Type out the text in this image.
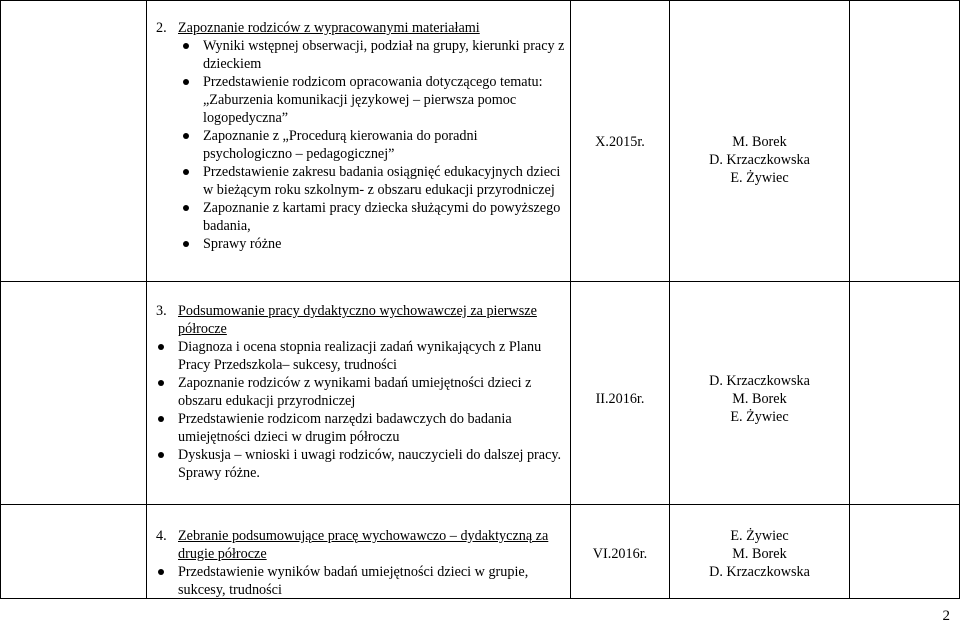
2. Zapoznanie rodziców z wypracowanymi materiałami
Wyniki wstępnej obserwacji, podział na grupy, kierunki pracy z dzieckiem
Przedstawienie rodzicom opracowania dotyczącego tematu: „Zaburzenia komunikacji językowej – pierwsza pomoc logopedyczna”
Zapoznanie z „Procedurą kierowania do poradni psychologiczno – pedagogicznej”
Przedstawienie zakresu badania osiągnięć edukacyjnych dzieci w bieżącym roku szkolnym- z obszaru edukacji przyrodniczej
Zapoznanie z kartami pracy dziecka służącymi do powyższego badania,
Sprawy różne
X.2015r.	M. Borek
D. Krzaczkowska
E. Żywiec
3. Podsumowanie pracy dydaktyczno wychowawczej za pierwsze półrocze
Diagnoza i ocena stopnia realizacji zadań wynikających z Planu Pracy Przedszkola– sukcesy, trudności
Zapoznanie rodziców z wynikami badań umiejętności dzieci z obszaru edukacji przyrodniczej
Przedstawienie rodzicom narzędzi badawczych do badania umiejętności dzieci w drugim półroczu
Dyskusja – wnioski i uwagi rodziców, nauczycieli do dalszej pracy.
Sprawy różne.
II.2016r.
D. Krzaczkowska
M. Borek
E. Żywiec
4. Zebranie podsumowujące pracę wychowawczo – dydaktyczną za drugie półrocze
Przedstawienie wyników badań umiejętności dzieci w grupie, sukcesy, trudności
VI.2016r.
E. Żywiec
M. Borek
D. Krzaczkowska
2
